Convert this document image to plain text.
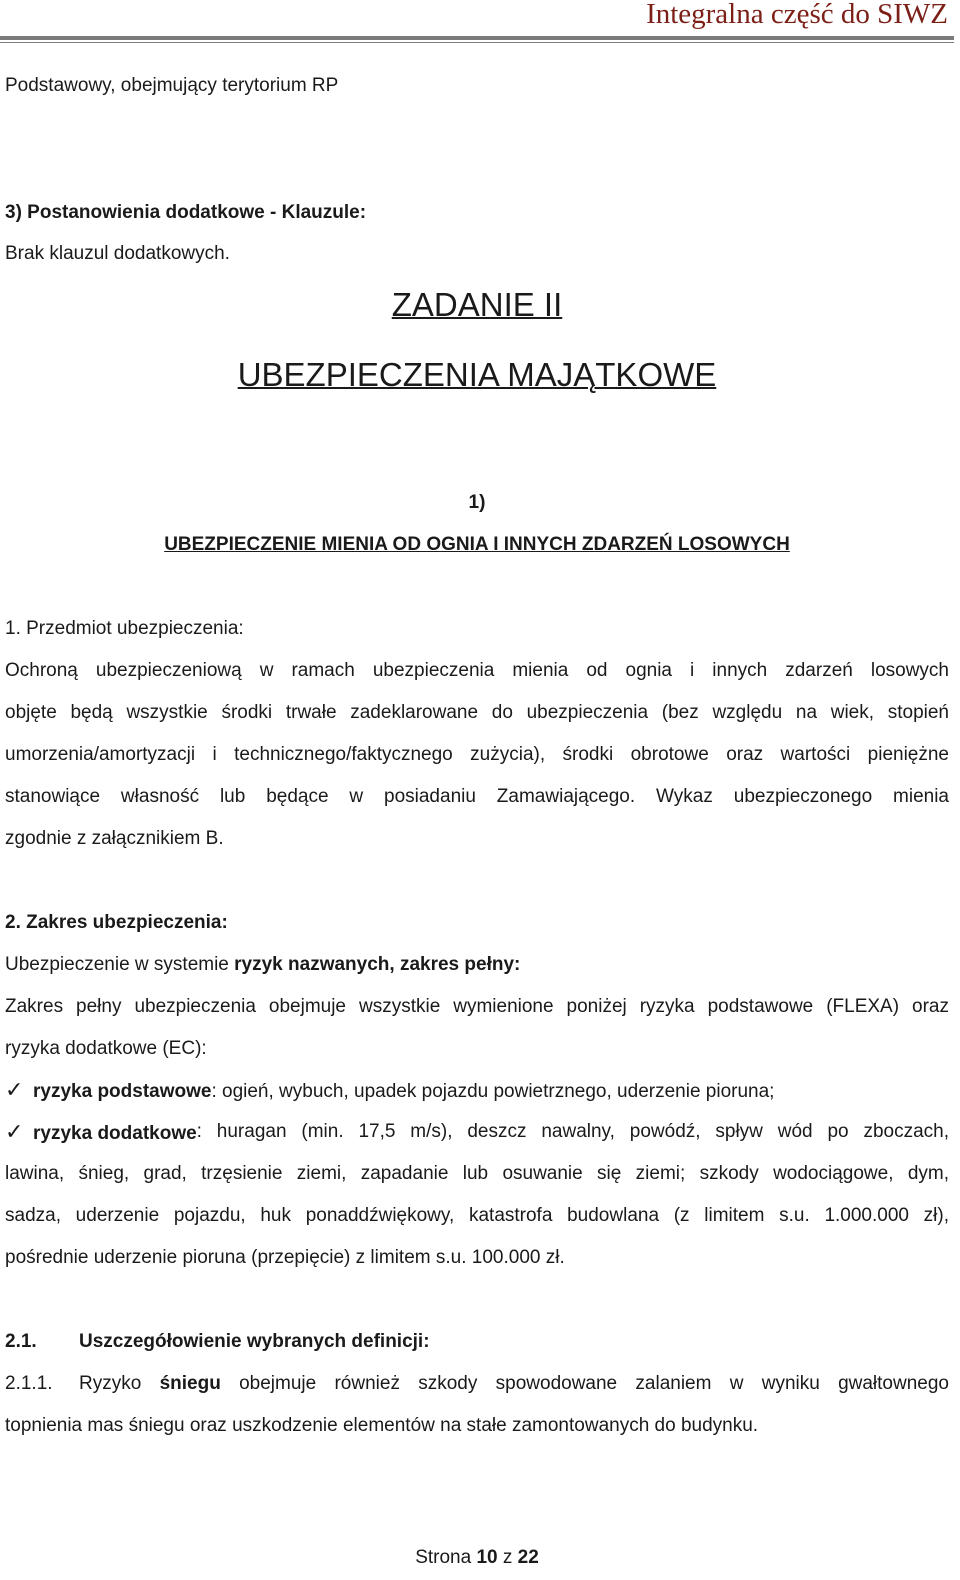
Integralna część do SIWZ
Podstawowy, obejmujący terytorium RP
3) Postanowienia dodatkowe - Klauzule:
Brak klauzul dodatkowych.
ZADANIE II
UBEZPIECZENIA MAJĄTKOWE
1)
UBEZPIECZENIE MIENIA OD OGNIA I INNYCH ZDARZEŃ LOSOWYCH
1. Przedmiot ubezpieczenia:
Ochroną ubezpieczeniową w ramach ubezpieczenia mienia od ognia i innych zdarzeń losowych
objęte będą wszystkie środki trwałe zadeklarowane do ubezpieczenia (bez względu na wiek, stopień
umorzenia/amortyzacji i technicznego/faktycznego zużycia), środki obrotowe oraz wartości pieniężne
stanowiące własność lub będące w posiadaniu Zamawiającego. Wykaz ubezpieczonego mienia
zgodnie z załącznikiem B.
2. Zakres ubezpieczenia:
Ubezpieczenie w systemie ryzyk nazwanych, zakres pełny:
Zakres pełny ubezpieczenia obejmuje wszystkie wymienione poniżej ryzyka podstawowe (FLEXA) oraz
ryzyka dodatkowe (EC):
✓ ryzyka podstawowe: ogień, wybuch, upadek pojazdu powietrznego, uderzenie pioruna;
✓ ryzyka dodatkowe : huragan (min. 17,5 m/s), deszcz nawalny, powódź, spływ wód po zboczach,
lawina, śnieg, grad, trzęsienie ziemi, zapadanie lub osuwanie się ziemi; szkody wodociągowe, dym,
sadza, uderzenie pojazdu, huk ponaddźwiękowy, katastrofa budowlana (z limitem s.u. 1.000.000 zł),
pośrednie uderzenie pioruna (przepięcie) z limitem s.u. 100.000 zł.
2.1. Uszczegółowienie wybranych definicji:
2.1.1.	Ryzyko śniegu obejmuje również szkody spowodowane zalaniem w wyniku gwałtownego
topnienia mas śniegu oraz uszkodzenie elementów na stałe zamontowanych do budynku.
Strona 10 z 22
